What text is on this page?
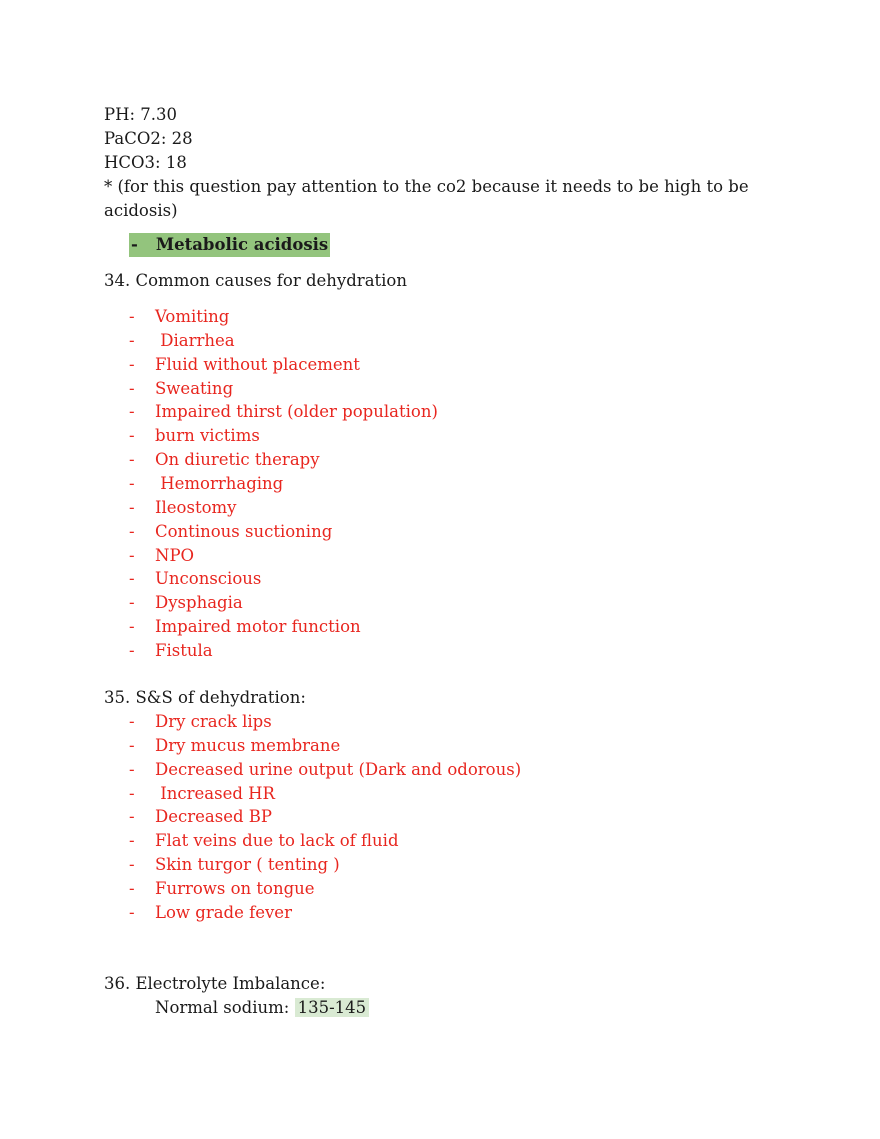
PH: 7.30
PaCO2: 28
HCO3: 18
* (for this question pay attention to the co2 because it needs to be high to be
acidosis)
- Metabolic acidosis
34. Common causes for dehydration
- Vomiting
- Diarrhea
- Fluid without placement
- Sweating
- Impaired thirst (older population)
- burn victims
- On diuretic therapy
- Hemorrhaging
- Ileostomy
- Continous suctioning
- NPO
- Unconscious
- Dysphagia
- Impaired motor function
- Fistula
35. S&S of dehydration:
- Dry crack lips
- Dry mucus membrane
- Decreased urine output (Dark and odorous)
- Increased HR
- Decreased BP
- Flat veins due to lack of fluid
- Skin turgor ( tenting )
- Furrows on tongue
- Low grade fever
36. Electrolyte Imbalance:
Normal sodium: 135-145
